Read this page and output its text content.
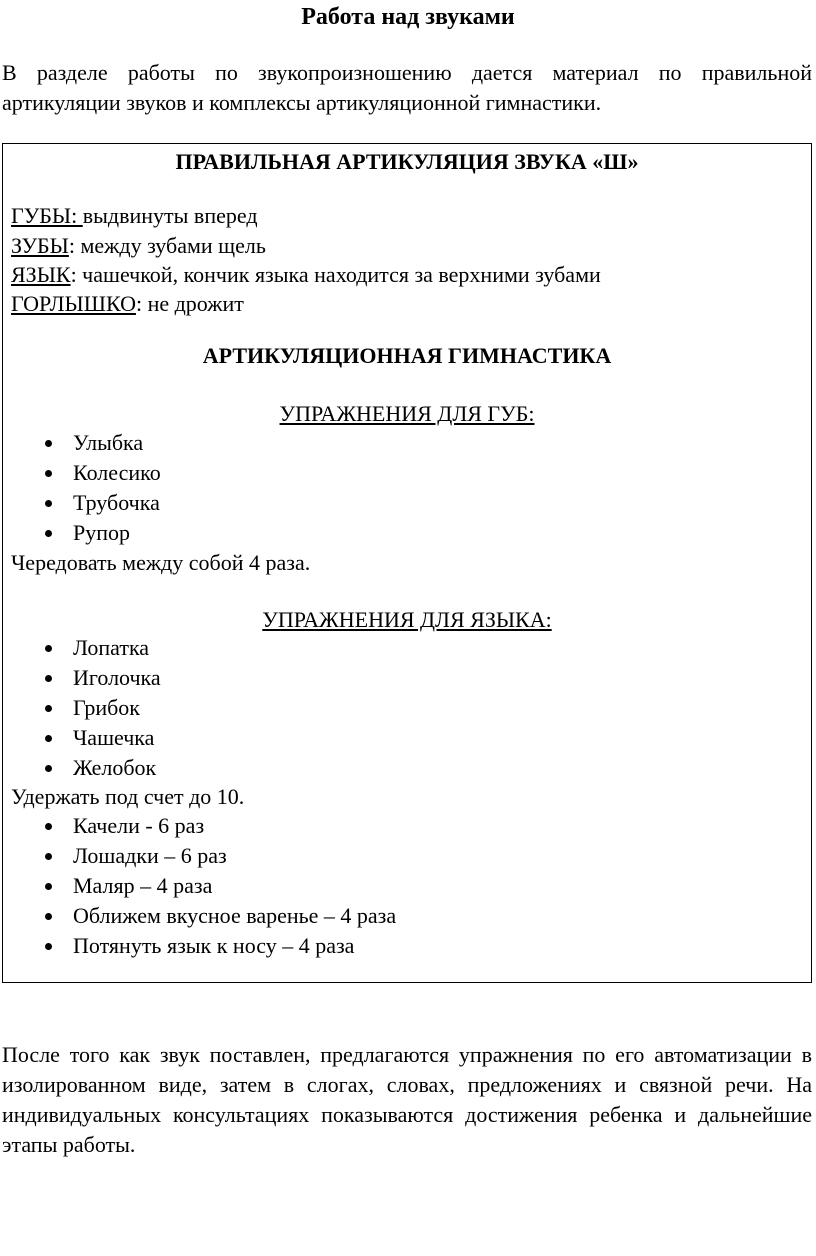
Работа над звуками

В разделе работы по звукопроизношению дается материал по правильной артикуляции звуков и комплексы артикуляционной гимнастики.

ПРАВИЛЬНАЯ АРТИКУЛЯЦИЯ ЗВУКА «Ш»
ГУБЫ: выдвинуты вперед
ЗУБЫ: между зубами щель
ЯЗЫК: чашечкой, кончик языка находится за верхними зубами
ГОРЛЫШКО: не дрожит
АРТИКУЛЯЦИОННАЯ ГИМНАСТИКА
УПРАЖНЕНИЯ ДЛЯ ГУБ:
Улыбка
Колесико
Трубочка
Рупор
Чередовать между собой 4 раза.
УПРАЖНЕНИЯ ДЛЯ ЯЗЫКА:
Лопатка
Иголочка
Грибок
Чашечка
Желобок
Удержать под счет до 10.
Качели - 6 раз
Лошадки – 6 раз
Маляр – 4 раза
Оближем вкусное варенье – 4 раза
Потянуть язык к носу – 4 раза

После того как звук поставлен, предлагаются упражнения по его автоматизации в изолированном виде, затем в слогах, словах, предложениях и связной речи. На индивидуальных консультациях показываются достижения ребенка и дальнейшие этапы работы.
